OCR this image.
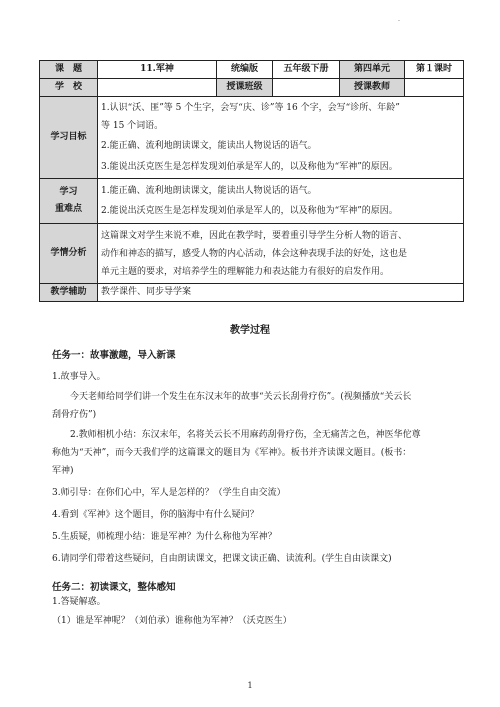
课　题	11.军神	统编版	五年级下册	第四单元	第１课时
学　校		授课班级		授课教师	
学习目标	1.认识“沃、匪”等 5 个生字，会写“庆、诊”等 16 个字，会写“诊所、年龄”
等 15 个词语。
2.能正确、流利地朗读课文，能读出人物说话的语气。
3.能说出沃克医生是怎样发现刘伯承是军人的，以及称他为“军神”的原因。				

学习
重难点	1.能正确、流利地朗读课文，能读出人物说话的语气。
2.能说出沃克医生是怎样发现刘伯承是军人的，以及称他为“军神”的原因。				

学情分析	这篇课文对学生来说不难，因此在教学时，要着重引导学生分析人物的语言、
动作和神态的描写，感受人物的内心活动，体会这种表现手法的好处，这也是
单元主题的要求，对培养学生的理解能力和表达能力有很好的启发作用。				

教学辅助	教学课件、同步导学案				
教学过程
任务一：故事激趣，导入新课
1.故事导入。
今天老师给同学们讲一个发生在东汉末年的故事“关云长刮骨疗伤”。(视频播放“关云长
刮骨疗伤”)
2.教师相机小结：东汉末年，名将关云长不用麻药刮骨疗伤，全无痛苦之色，神医华佗尊
称他为“天神”，而今天我们学的这篇课文的题目为《军神》。板书并齐读课文题目。(板书：
军神)
3.师引导：在你们心中，军人是怎样的？（学生自由交流）
4.看到《军神》这个题目，你的脑海中有什么疑问？
5.生质疑，师梳理小结：谁是军神？为什么称他为军神？
6.请同学们带着这些疑问，自由朗读课文，把课文读正确、读流利。(学生自由读课文)
任务二：初读课文，整体感知
1.答疑解惑。
（1）谁是军神呢？（刘伯承）谁称他为军神？（沃克医生）
1
